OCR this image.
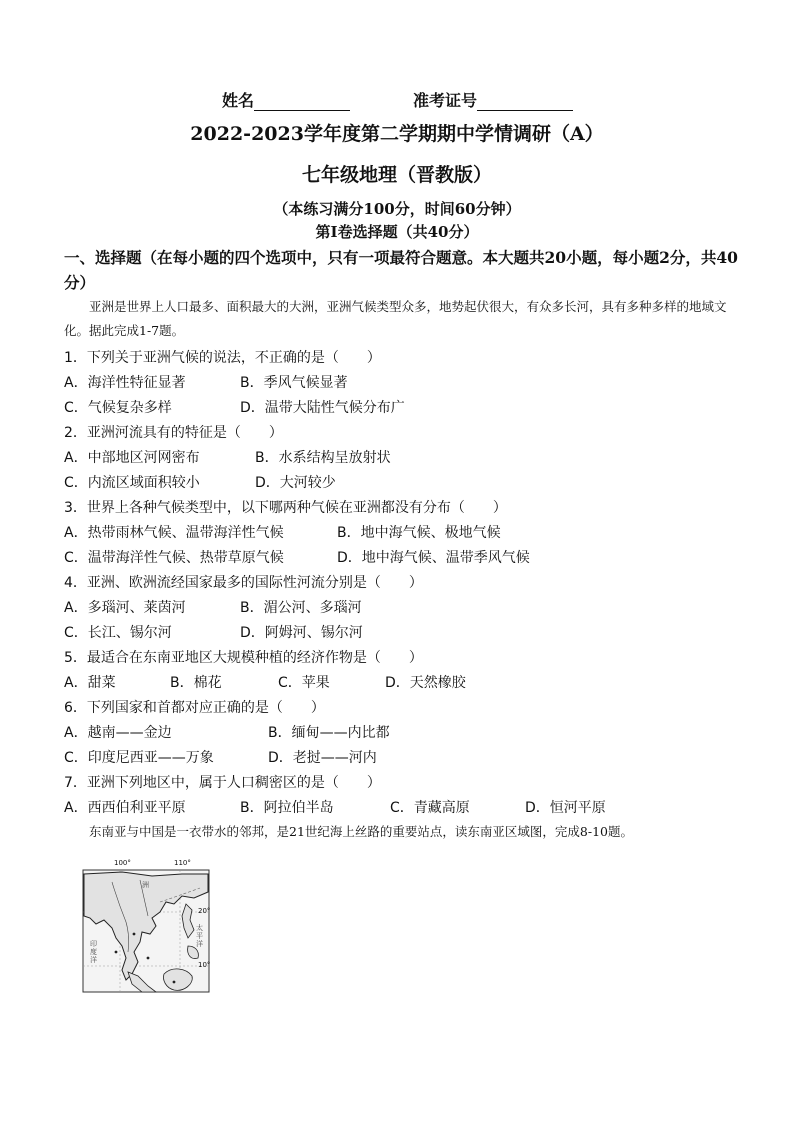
姓名	准考证号
2022-2023学年度第二学期期中学情调研（A）
七年级地理（晋教版）
（本练习满分100分，时间60分钟）
第I卷选择题（共40分）
一、选择题（在每小题的四个选项中，只有一项最符合题意。本大题共20小题，每小题2分，共40分）
亚洲是世界上人口最多、面积最大的大洲，亚洲气候类型众多，地势起伏很大，有众多长河，具有多种多样的地域文化。据此完成1-7题。
1．下列关于亚洲气候的说法，不正确的是（　　）
A．海洋性特征显著	B．季风气候显著
C．气候复杂多样	D．温带大陆性气候分布广
2．亚洲河流具有的特征是（　　）
A．中部地区河网密布	B．水系结构呈放射状
C．内流区域面积较小	D．大河较少
3．世界上各种气候类型中，以下哪两种气候在亚洲都没有分布（　　）
A．热带雨林气候、温带海洋性气候	B．地中海气候、极地气候
C．温带海洋性气候、热带草原气候	D．地中海气候、温带季风气候
4．亚洲、欧洲流经国家最多的国际性河流分别是（　　）
A．多瑙河、莱茵河	B．湄公河、多瑙河
C．长江、锡尔河	D．阿姆河、锡尔河
5．最适合在东南亚地区大规模种植的经济作物是（　　）
A．甜菜	B．棉花	C．苹果	D．天然橡胶
6．下列国家和首都对应正确的是（　　）
A．越南——金边	B．缅甸——内比都
C．印度尼西亚——万象	D．老挝——河内
7．亚洲下列地区中，属于人口稠密区的是（　　）
A．西西伯利亚平原	B．阿拉伯半岛	C．青藏高原	D．恒河平原
东南亚与中国是一衣带水的邻邦，是21世纪海上丝路的重要站点，读东南亚区域图，完成8-10题。
100°	110°
20°
10°
洲
太平洋
印度洋
